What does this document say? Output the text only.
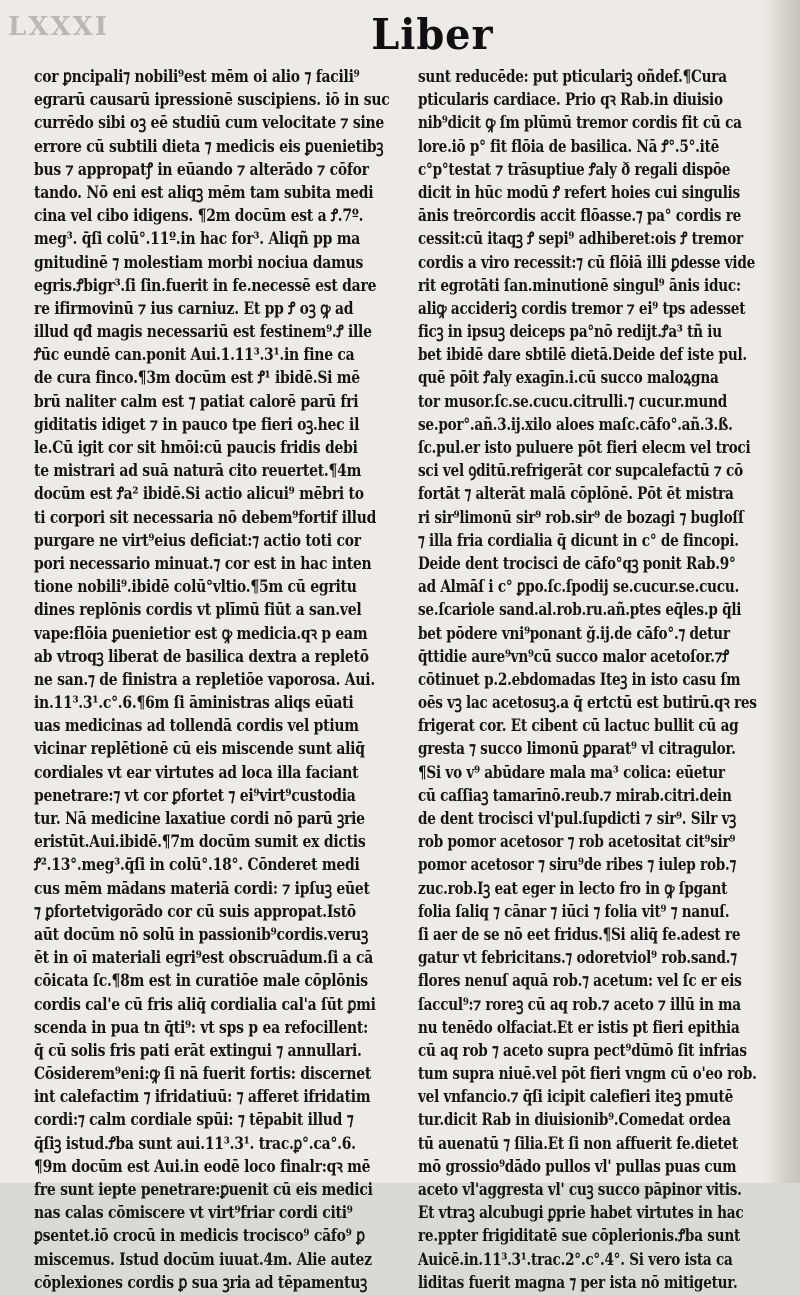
LXXXI	Liber
cor ꝑncipali⁊ nobili⁹est mēm oi alio ⁊ facili⁹
egrarū causarū ipressionē suscipiens. iō in suc
currēdo sibi oꝫ eē studiū cum velocitate ⁊ sine
errore cū subtili dieta ⁊ medicis eis ꝑuenietibꝫ
bus ⁊ appropatꝭ in eūando ⁊ alterādo ⁊ cōfor
tando. Nō eni est aliqꝫ mēm tam subita medi
cina vel cibo idigens. ¶2m docūm est a Ꝭ.7º.
meg³. q̄ſi colū°.11º.in hac for³. Aliqñ pp ma
gnitudinē ⁊ molestiam morbi nociua damus
egris.Ꝭbigr³.ſi ſin.fuerit in fe.necessē est dare
re ifirmovinū ⁊ ius carniuz. Et pp Ꝭ oꝫ ꝙ ad
illud qđ magis necessariū est festinem⁹.Ꝭ ille
Ꝭūc eundē can.ponit Aui.1.11³.3¹.in fine ca
de cura finco.¶3m docūm est Ꝭ¹ ibidē.Si mē
brū naliter calm est ⁊ patiat calorē parū fri
giditatis idiget ⁊ in pauco tpe fieri oꝫ.hec il
le.Cū igit cor sit hmōi:cū paucis fridis debi
te mistrari ad suā naturā cito reuertet.¶4m
docūm est Ꝭa² ibidē.Si actio alicui⁹ mēbri to
ti corpori sit necessaria nō debem⁹fortif illud
purgare ne virt⁹eius deficiat:⁊ actio toti cor
pori necessario minuat.⁊ cor est in hac inten
tione nobili⁹.ibidē colū°vltio.¶5m cū egritu
dines replōnis cordis vt plīmū fiūt a san.vel
vape:flōia ꝑuenietior est ꝙ medicia.qꝛ p eam
ab vtroqꝫ liberat de basilica dextra a repletō
ne san.⁊ de finistra a repletiōe vaporosa. Aui.
in.11³.3¹.c°.6.¶6m ſi āministras aliqs eūati
uas medicinas ad tollendā cordis vel ptium
vicinar replētionē cū eis miscende sunt aliq̄
cordiales vt ear virtutes ad loca illa faciant
penetrare:⁊ vt cor ꝑfortet ⁊ ei⁹virt⁹custodia
tur. Nā medicine laxatiue cordi nō parū ꝫrie
eristūt.Aui.ibidē.¶7m docūm sumit ex dictis
Ꝭ².13°.meg³.q̄ſi in colū°.18°. Cōnderet medi
cus mēm mādans materiā cordi: ⁊ ipſuꝫ eūet
⁊ ꝑfortetvigorādo cor cū suis appropat.Istō
aūt docūm nō solū in passionib⁹cordis.veruꝫ
ēt in oī materiali egri⁹est obscruādum.ſi a cā
cōicata ſc.¶8m est in curatiōe male cōplōnis
cordis cal'e cū fris aliq̄ cordialia cal'a ſūt ꝑmi
scenda in pua tn q̄ti⁹: vt sps p ea refocillent:
q̄ cū solis fris pati erāt extingui ⁊ annullari.
Cōsiderem⁹eni:ꝙ ſi nā fuerit fortis: discernet
int calefactim ⁊ ifridatiuū: ⁊ afferet ifridatim
cordi:⁊ calm cordiale spūi: ⁊ tēpabit illud ⁊
q̄ſiꝫ istud.Ꝭba sunt aui.11³.3¹. trac.ꝑ°.ca°.6.
¶9m docūm est Aui.in eodē loco finalr:qꝛ mē
fre sunt iepte penetrare:ꝑuenit cū eis medici
nas calas cōmiscere vt virt⁹friar cordi citi⁹
ꝑsentet.iō crocū in medicis trocisco⁹ cāfo⁹ ꝑ
miscemus. Istud docūm iuuat.4m. Alie autez
cōplexiones cordis ꝑ sua ꝫria ad tēpamentuꝫ
sunt reducēde: put pticulariꝫ oñdef.¶Cura
pticularis cardiace. Prio qꝛ Rab.in diuisio
nib⁹dicit ꝙ ſm plūmū tremor cordis fit cū ca
lore.iō p° fit flōia de basilica. Nā Ꝭ°.5°.itē
c°p°testat ⁊ trāsuptiue Ꝭaly ð regali dispōe
dicit in hūc modū Ꝭ refert hoies cui singulis
ānis treōrcordis accit flōasse.⁊ pa° cordis re
cessit:cū itaqꝫ Ꝭ sepi⁹ adhiberet:ois Ꝭ tremor
cordis a viro recessit:⁊ cū flōiā illi ꝑdesse vide
rit egrotāti ſan.minutionē singul⁹ ānis iduc:
aliꝙ accideriꝫ cordis tremor ⁊ ei⁹ tps adesset
ficꝫ in ipsuꝫ deiceps pa°nō redijt.Ꝭa³ tñ iu
bet ibidē dare sbtilē dietā.Deide def iste pul.
quē pōit Ꝭaly exagīn.i.cū succo maloꝝgna
tor musor.ſc.se.cucu.citrulli.⁊ cucur.mund
se.por°.añ.3.ij.xilo aloes maſc.cāfo°.añ.3.ß.
ſc.pul.er isto puluere pōt fieri elecm vel troci
sci vel ꝯditū.refrigerāt cor supcalefactū ⁊ cō
fortāt ⁊ alterāt malā cōplōnē. Pōt ēt mistra
ri sir⁹limonū sir⁹ rob.sir⁹ de bozagi ⁊ bugloſſ
⁊ illa fria cordialia q̄ dicunt in c° de fincopi.
Deide dent trocisci de cāfo°qꝫ ponit Rab.9°
ad Almāſ i c° ꝑpo.ſc.ſpodij se.cucur.se.cucu.
se.ſcariole sand.al.rob.ru.añ.ptes eq̄les.p q̄li
bet pōdere vni⁹ponant ğ.ij.de cāfo°.⁊ detur
q̄ttidie aure⁹vn⁹cū succo malor acetoſor.⁊Ꝭ
cōtinuet p.2.ebdomadas Iteꝫ in isto casu ſm
oēs vꝫ lac acetosuꝫ.a q̄ ertctū est butirū.qꝛ res
frigerat cor. Et cibent cū lactuc bullit cū ag
gresta ⁊ succo limonū ꝑparat⁹ vl citragulor.
¶Si vo v⁹ abūdare mala ma³ colica: eūetur
cū caſſiaꝫ tamarīnō.reub.⁊ mirab.citri.dein
de dent trocisci vl'pul.ſupdicti ⁊ sir⁹. Silr vꝫ
rob pomor acetosor ⁊ rob acetositat cit⁹sir⁹
pomor acetosor ⁊ siru⁹de ribes ⁊ iulep rob.⁊
zuc.rob.Iꝫ eat eger in lecto fro in ꝙ ſpgant
folia ſaliq ⁊ cānar ⁊ iūci ⁊ folia vit⁹ ⁊ nanuſ.
ſi aer de se nō eet fridus.¶Si aliq̄ fe.adest re
gatur vt febricitans.⁊ odoretviol⁹ rob.sand.⁊
flores nenuſ aquā rob.⁊ acetum: vel ſc er eis
ſaccul⁹:⁊ roreꝫ cū aq rob.⁊ aceto ⁊ illū in ma
nu tenēdo olfaciat.Et er istis pt fieri epithia
cū aq rob ⁊ aceto supra pect⁹dūmō ſit infrias
tum supra niuē.vel pōt fieri vngm cū o'eo rob.
vel vnfancio.⁊ q̄ſi icipit calefieri iteꝫ pmutē
tur.dicit Rab in diuisionib⁹.Comedat ordea
tū auenatū ⁊ ſilia.Et ſi non affuerit fe.dietet
mō grossio⁹dādo pullos vl' pullas puas cum
aceto vl'aggresta vl' cuꝫ succo pāpinor vitis.
Et vtraꝫ alcubugi ꝑprie habet virtutes in hac
re.ppter frigiditatē sue cōplerionis.Ꝭba sunt
Auicē.in.11³.3¹.trac.2°.c°.4°. Si vero ista ca
liditas fuerit magna ⁊ per ista nō mitigetur.
